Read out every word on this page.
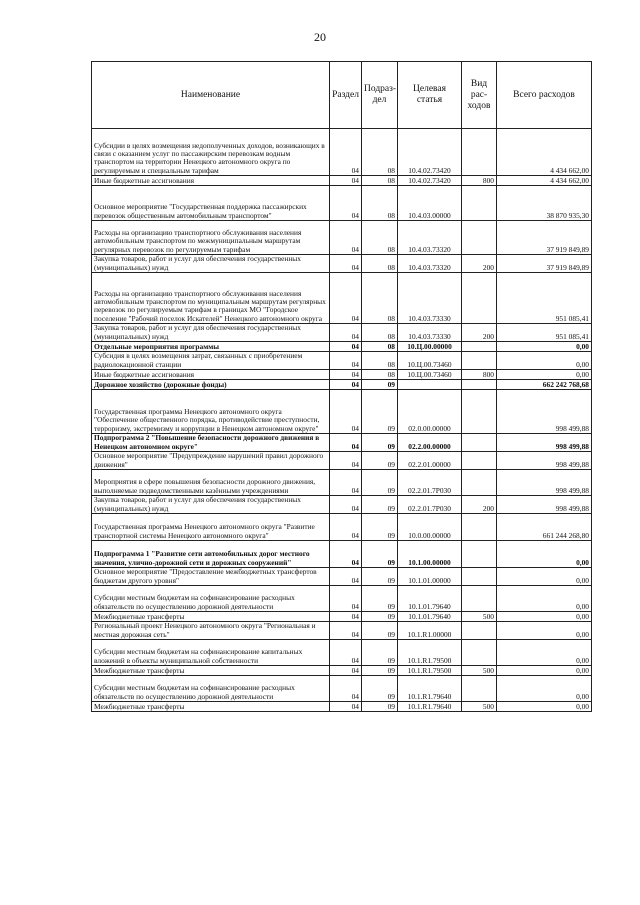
20
Наименование	Раздел	Подраз-дел	Целевая статья	Вид рас-ходов	Всего расходов
Субсидии в целях возмещения недополученных доходов, возникающих в связи с оказанием услуг по пассажирским перевозкам водным транспортом на территории Ненецкого автономного округа по регулируемым и специальным тарифам	04	08	10.4.02.73420		4 434 662,00
Иные бюджетные ассигнования	04	08	10.4.02.73420	800	4 434 662,00
Основное мероприятие "Государственная поддержка пассажирских перевозок общественным автомобильным транспортом"	04	08	10.4.03.00000		38 870 935,30
Расходы на организацию транспортного обслуживания населения автомобильным транспортом по межмуниципальным маршрутам регулярных перевозок по регулируемым тарифам	04	08	10.4.03.73320		37 919 849,89
Закупка товаров, работ и услуг для обеспечения государственных (муниципальных) нужд	04	08	10.4.03.73320	200	37 919 849,89
Расходы на организацию транспортного обслуживания населения автомобильным транспортом по муниципальным маршрутам регулярных перевозок по регулируемым тарифам в границах МО "Городское поселение "Рабочий поселок Искателей" Ненецкого автономного округа	04	08	10.4.03.73330		951 085,41
Закупка товаров, работ и услуг для обеспечения государственных (муниципальных) нужд	04	08	10.4.03.73330	200	951 085,41
Отдельные мероприятия программы	04	08	10.Ц.00.00000		0,00
Субсидия в целях возмещения затрат, связанных с приобретением радиолокационной станции	04	08	10.Ц.00.73460		0,00
Иные бюджетные ассигнования	04	08	10.Ц.00.73460	800	0,00
Дорожное хозяйство (дорожные фонды)	04	09			662 242 768,68
Государственная программа Ненецкого автономного округа "Обеспечение общественного порядка, противодействие преступности, терроризму, экстремизму и коррупции в Ненецком автономном округе"	04	09	02.0.00.00000		998 499,88
Подпрограмма 2 "Повышение безопасности дорожного движения в Ненецком автономном округе"	04	09	02.2.00.00000		998 499,88
Основное мероприятие "Предупреждение нарушений правил дорожного движения"	04	09	02.2.01.00000		998 499,88
Мероприятия в сфере повышения безопасности дорожного движения, выполняемые подведомственными казёнными учреждениями	04	09	02.2.01.7Р030		998 499,88
Закупка товаров, работ и услуг для обеспечения государственных (муниципальных) нужд	04	09	02.2.01.7Р030	200	998 499,88
Государственная программа Ненецкого автономного округа "Развитие транспортной системы Ненецкого автономного округа"	04	09	10.0.00.00000		661 244 268,80
Подпрограмма 1 "Развитие сети автомобильных дорог местного значения, улично-дорожной сети и дорожных сооружений"	04	09	10.1.00.00000		0,00
Основное мероприятие "Предоставление межбюджетных трансфертов бюджетам другого уровня"	04	09	10.1.01.00000		0,00
Субсидии местным бюджетам на софинансирование расходных обязательств по осуществлению дорожной деятельности	04	09	10.1.01.79640		0,00
Межбюджетные трансферты	04	09	10.1.01.79640	500	0,00
Региональный проект Ненецкого автономного округа "Региональная и местная дорожная сеть"	04	09	10.1.R1.00000		0,00
Субсидии местным бюджетам на софинансирование капитальных вложений в объекты муниципальной собственности	04	09	10.1.R1.79500		0,00
Межбюджетные трансферты	04	09	10.1.R1.79500	500	0,00
Субсидии местным бюджетам на софинансирование расходных обязательств по осуществлению дорожной деятельности	04	09	10.1.R1.79640		0,00
Межбюджетные трансферты	04	09	10.1.R1.79640	500	0,00
